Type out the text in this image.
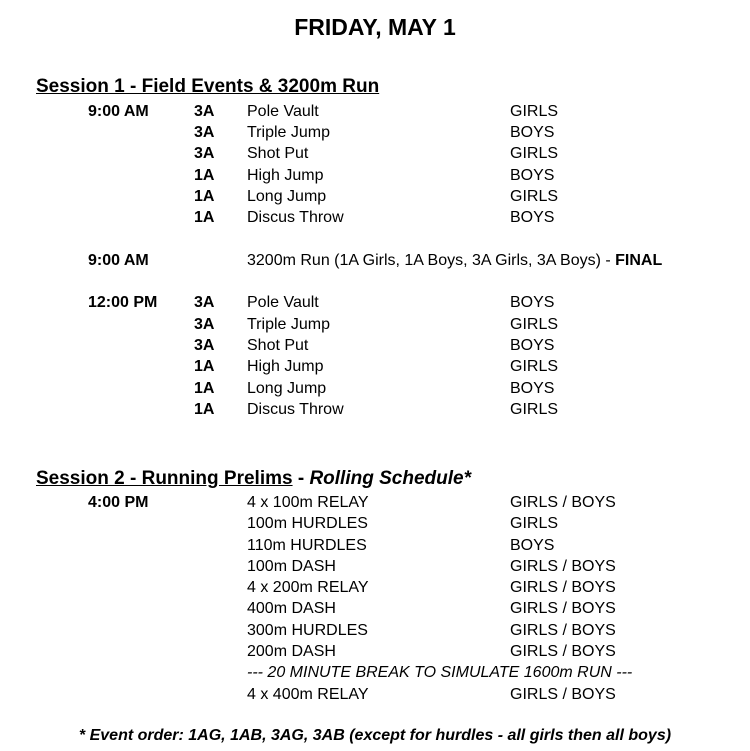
FRIDAY, MAY 1
Session 1 - Field Events & 3200m Run
9:00 AM	3A Pole Vault	GIRLS
3A Triple Jump	BOYS
3A Shot Put	GIRLS
1A High Jump	BOYS
1A Long Jump	GIRLS
1A Discus Throw	BOYS
9:00 AM	3200m Run (1A Girls, 1A Boys, 3A Girls, 3A Boys) - FINAL
12:00 PM 3A Pole Vault	BOYS
3A Triple Jump	GIRLS
3A Shot Put	BOYS
1A High Jump	GIRLS
1A Long Jump	BOYS
1A Discus Throw	GIRLS
Session 2 - Running Prelims - Rolling Schedule*
4:00 PM	4 x 100m RELAY	GIRLS / BOYS
100m HURDLES	GIRLS
110m HURDLES	BOYS
100m DASH	GIRLS / BOYS
4 x 200m RELAY	GIRLS / BOYS
400m DASH	GIRLS / BOYS
300m HURDLES	GIRLS / BOYS
200m DASH	GIRLS / BOYS
--- 20 MINUTE BREAK TO SIMULATE 1600m RUN ---
4 x 400m RELAY	GIRLS / BOYS
* Event order: 1AG, 1AB, 3AG, 3AB (except for hurdles - all girls then all boys)
